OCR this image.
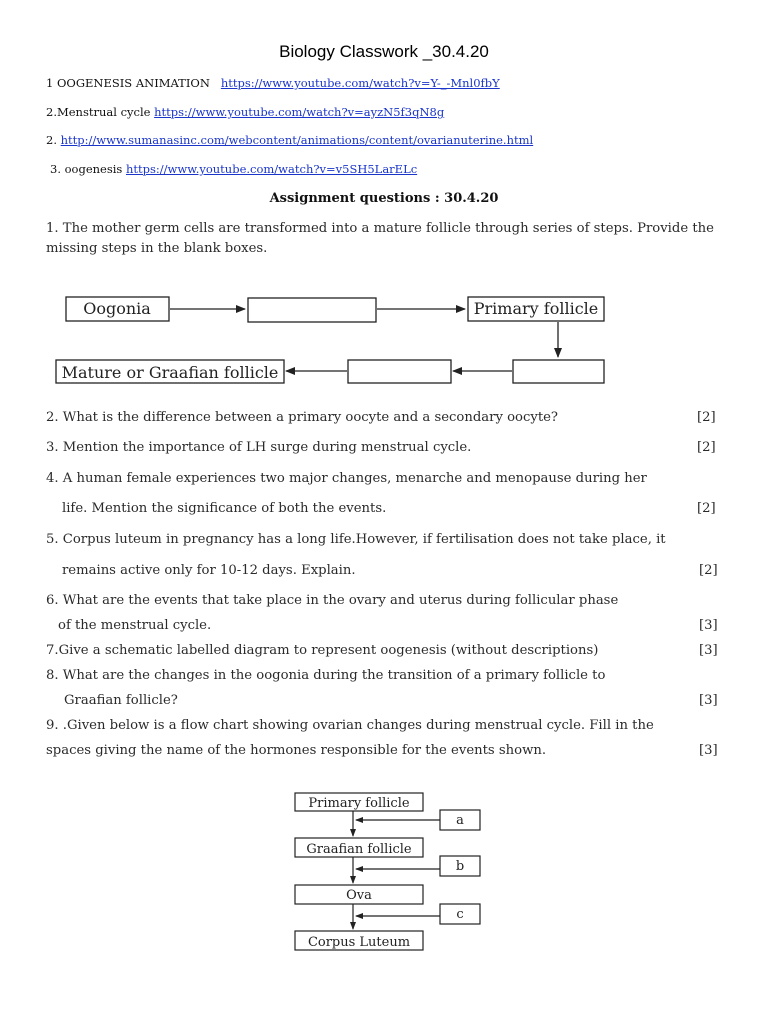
Biology Classwork _30.4.20
1 OOGENESIS ANIMATION https://www.youtube.com/watch?v=Y-_-Mnl0fbY
2.Menstrual cycle https://www.youtube.com/watch?v=ayzN5f3qN8g
2. http://www.sumanasinc.com/webcontent/animations/content/ovarianuterine.html
3. oogenesis https://www.youtube.com/watch?v=v5SH5LarELc
Assignment questions : 30.4.20
1. The mother germ cells are transformed into a mature follicle through series of steps. Provide the
missing steps in the blank boxes.
Oogonia	Primary follicle
Mature or Graafian follicle
2. What is the difference between a primary oocyte and a secondary oocyte?	[2]
3. Mention the importance of LH surge during menstrual cycle.	[2]
4. A human female experiences two major changes, menarche and menopause during her
life. Mention the significance of both the events.	[2]
5. Corpus luteum in pregnancy has a long life.However, if fertilisation does not take place, it
remains active only for 10-12 days. Explain.	[2]
6. What are the events that take place in the ovary and uterus during follicular phase
of the menstrual cycle.	[3]
7.Give a schematic labelled diagram to represent oogenesis (without descriptions)	[3]
8. What are the changes in the oogonia during the transition of a primary follicle to
Graafian follicle?	[3]
9. .Given below is a flow chart showing ovarian changes during menstrual cycle. Fill in the
spaces giving the name of the hormones responsible for the events shown.	[3]
Primary follicle
Graafian follicle
Ova
Corpus Luteum
a
b
c
